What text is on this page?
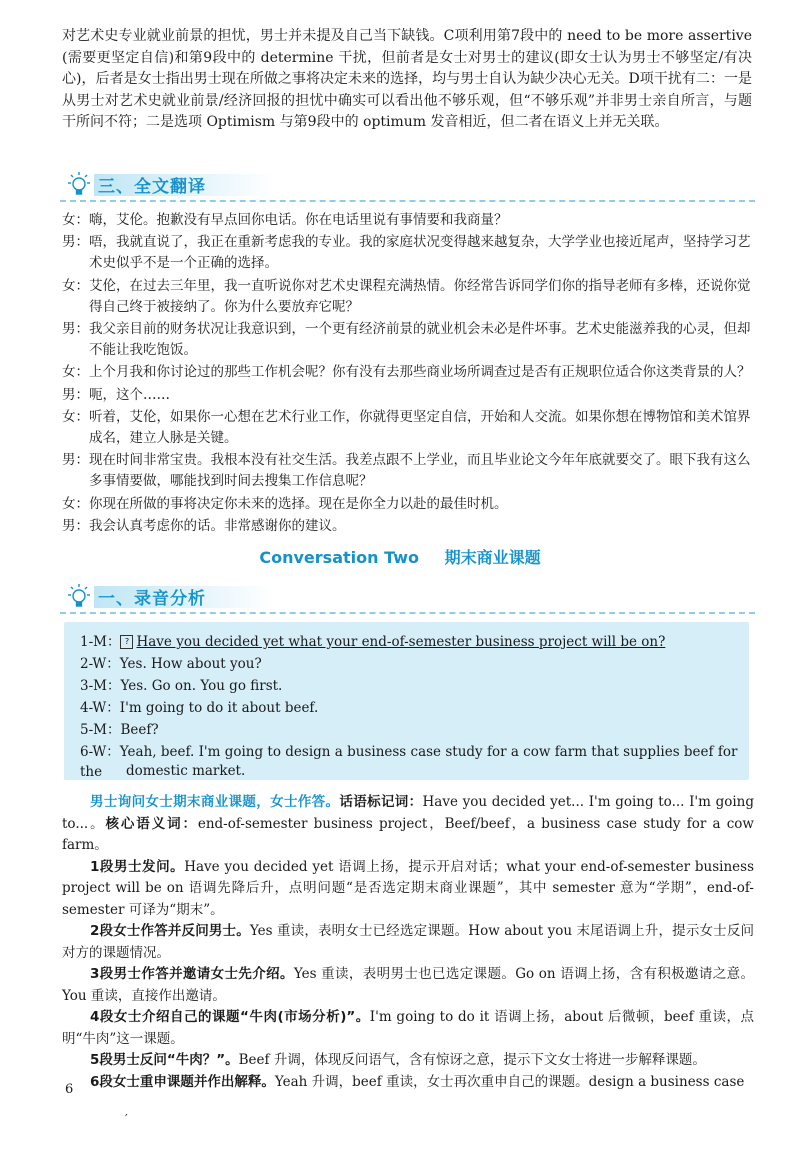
对艺术史专业就业前景的担忧，男士并未提及自己当下缺钱。C项利用第7段中的 need to be more assertive (需要更坚定自信)和第9段中的 determine 干扰，但前者是女士对男士的建议(即女士认为男士不够坚定/有决心)，后者是女士指出男士现在所做之事将决定未来的选择，均与男士自认为缺少决心无关。D项干扰有二：一是从男士对艺术史就业前景/经济回报的担忧中确实可以看出他不够乐观，但“不够乐观”并非男士亲自所言，与题干所问不符；二是选项 Optimism 与第9段中的 optimum 发音相近，但二者在语义上并无关联。

三、全文翻译
女： 嗨，艾伦。抱歉没有早点回你电话。你在电话里说有事情要和我商量？
男： 唔，我就直说了，我正在重新考虑我的专业。我的家庭状况变得越来越复杂，大学学业也接近尾声，坚持学习艺术史似乎不是一个正确的选择。
女： 艾伦，在过去三年里，我一直听说你对艺术史课程充满热情。你经常告诉同学们你的指导老师有多棒，还说你觉得自己终于被接纳了。你为什么要放弃它呢？
男： 我父亲目前的财务状况让我意识到，一个更有经济前景的就业机会未必是件坏事。艺术史能滋养我的心灵，但却不能让我吃饱饭。
女： 上个月我和你讨论过的那些工作机会呢？你有没有去那些商业场所调查过是否有正规职位适合你这类背景的人？
男： 呃，这个……
女： 听着，艾伦，如果你一心想在艺术行业工作，你就得更坚定自信，开始和人交流。如果你想在博物馆和美术馆界成名，建立人脉是关键。
男： 现在时间非常宝贵。我根本没有社交生活。我差点跟不上学业，而且毕业论文今年年底就要交了。眼下我有这么多事情要做，哪能找到时间去搜集工作信息呢？
女： 你现在所做的事将决定你未来的选择。现在是你全力以赴的最佳时机。
男： 我会认真考虑你的话。非常感谢你的建议。
Conversation Two 期末商业课题
一、录音分析
1-M： ? Have you decided yet what your end-of-semester business project will be on?
2-W：Yes. How about you?
3-M：Yes. Go on. You go first.
4-W：I'm going to do it about beef.
5-M：Beef?
6-W：Yeah, beef. I'm going to design a business case study for a cow farm that supplies beef for the	domestic market.

男士询问女士期末商业课题，女士作答。话语标记词：Have you decided yet... I'm going to... I'm going to...。核心语义词：end-of-semester business project，Beef/beef，a business case study for a cow farm。

1段男士发问。Have you decided yet 语调上扬，提示开启对话；what your end-of-semester business project will be on 语调先降后升，点明问题“是否选定期末商业课题”，其中 semester 意为“学期”，end-of-semester 可译为“期末”。

2段女士作答并反问男士。Yes 重读，表明女士已经选定课题。How about you 末尾语调上升，提示女士反问对方的课题情况。

3段男士作答并邀请女士先介绍。Yes 重读，表明男士也已选定课题。Go on 语调上扬，含有积极邀请之意。You 重读，直接作出邀请。

4段女士介绍自己的课题“牛肉(市场分析)”。I'm going to do it 语调上扬，about 后微顿，beef 重读，点明“牛肉”这一课题。

5段男士反问“牛肉？”。Beef 升调，体现反问语气，含有惊讶之意，提示下文女士将进一步解释课题。

6段女士重申课题并作出解释。Yeah 升调，beef 重读，女士再次重申自己的课题。design a business case

6
′
